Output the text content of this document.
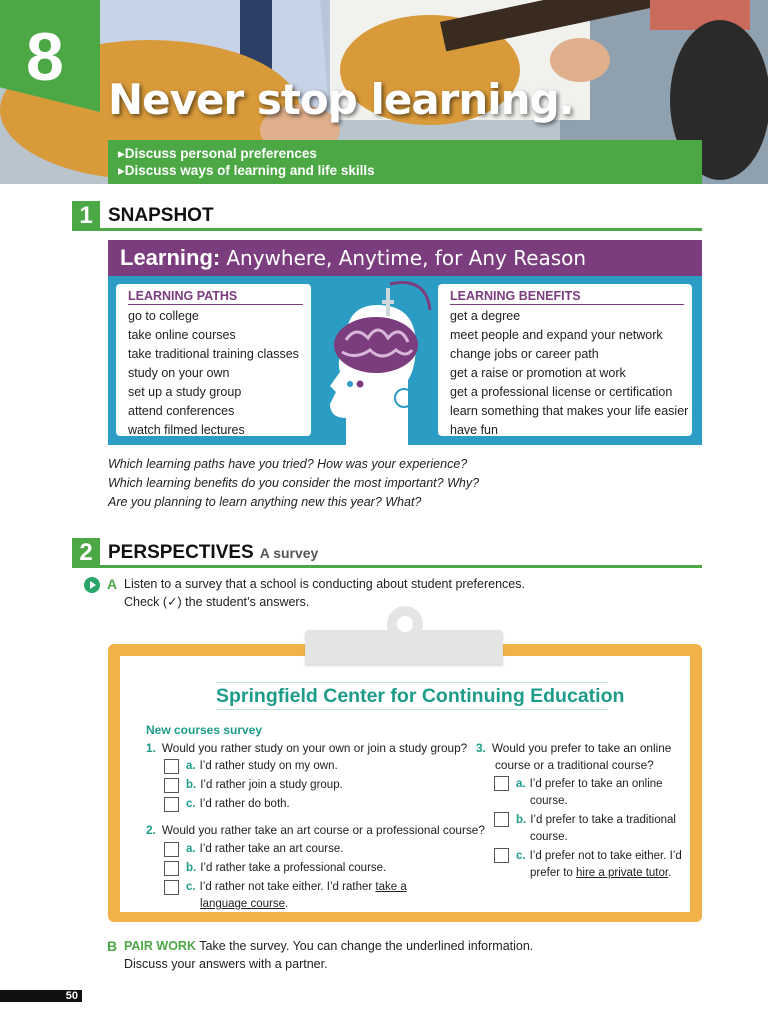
8
Never stop learning.
▸ Discuss personal preferences
▸ Discuss ways of learning and life skills
1 SNAPSHOT
Learning: Anywhere, Anytime, for Any Reason
LEARNING PATHS
go to college
take online courses
take traditional training classes
study on your own
set up a study group
attend conferences
watch filmed lectures
LEARNING BENEFITS
get a degree
meet people and expand your network
change jobs or career path
get a raise or promotion at work
get a professional license or certification
learn something that makes your life easier
have fun

Which learning paths have you tried? How was your experience?

Which learning benefits do you consider the most important? Why?

Are you planning to learn anything new this year? What?

2 PERSPECTIVES A survey
A Listen to a survey that a school is conducting about student preferences.
Check (✓) the student’s answers.
Springfield Center for Continuing Education
New courses survey
1. Would you rather study on your own or join a study group?
a. I’d rather study on my own.
b. I’d rather join a study group.
c. I’d rather do both.
2. Would you rather take an art course or a professional course?
a. I’d rather take an art course.
b. I’d rather take a professional course.
c. I’d rather not take either. I’d rather take a
language course.
3. Would you prefer to take an online
course or a traditional course?
a. I’d prefer to take an online
course.
b. I’d prefer to take a traditional
course.
c. I’d prefer not to take either. I’d
prefer to hire a private tutor.
B PAIR WORK Take the survey. You can change the underlined information.
Discuss your answers with a partner.
50
